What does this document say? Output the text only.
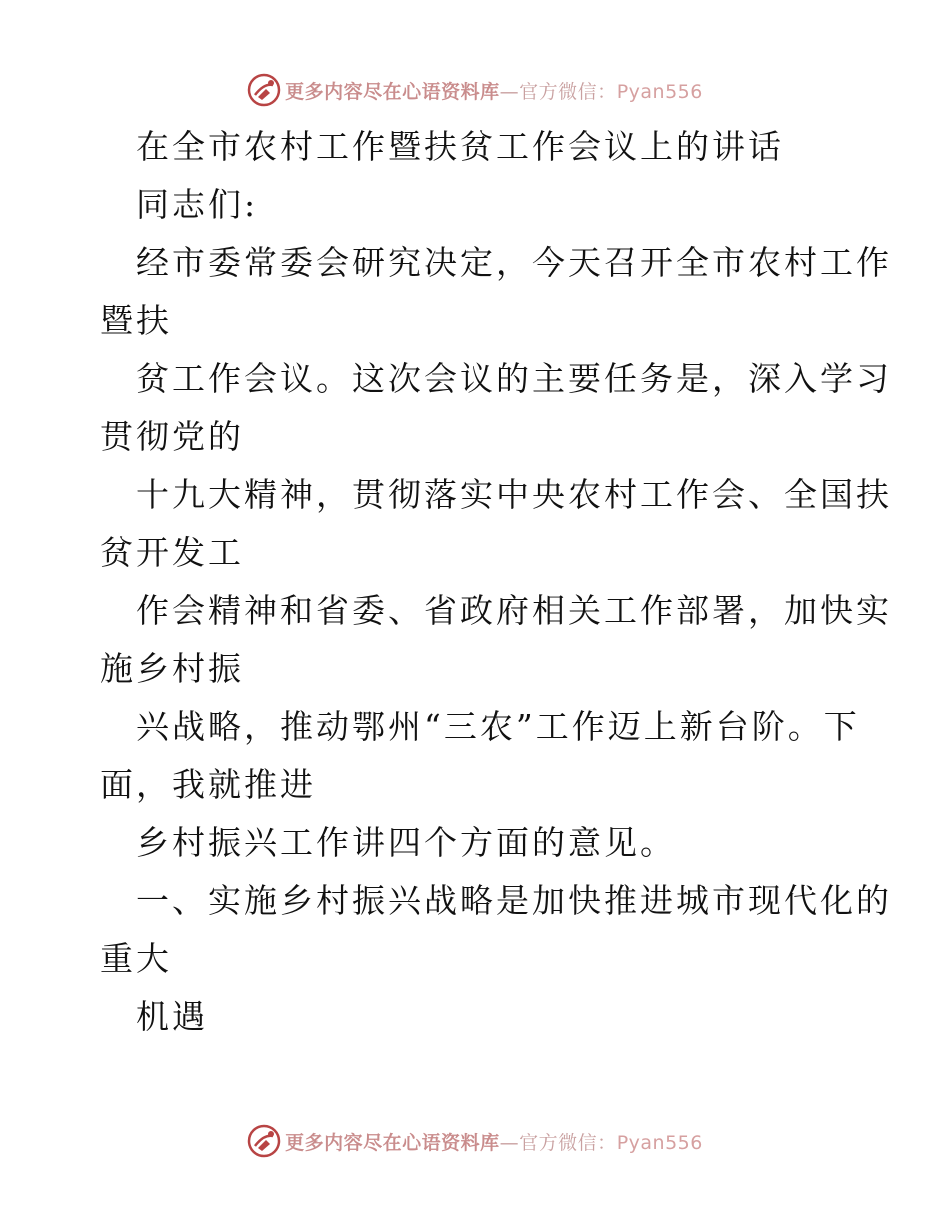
更多内容尽在心语资料库—官方微信：Pyan556
在全市农村工作暨扶贫工作会议上的讲话
同志们:
经市委常委会研究决定，今天召开全市农村工作
暨扶
贫工作会议。这次会议的主要任务是，深入学习
贯彻党的
十九大精神，贯彻落实中央农村工作会、全国扶
贫开发工
作会精神和省委、省政府相关工作部署，加快实
施乡村振
兴战略，推动鄂州“三农”工作迈上新台阶。下
面，我就推进
乡村振兴工作讲四个方面的意见。
一、实施乡村振兴战略是加快推进城市现代化的
重大
机遇
更多内容尽在心语资料库—官方微信：Pyan556
